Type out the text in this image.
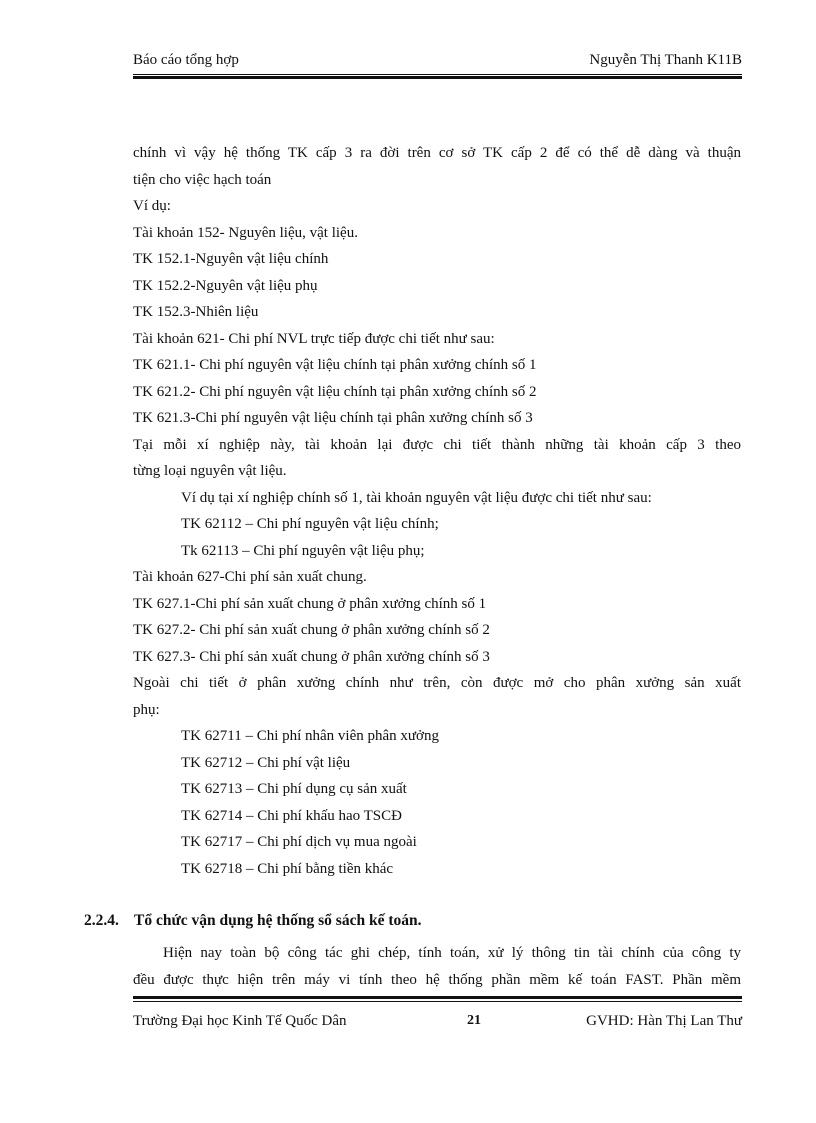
Báo cáo tổng hợp	Nguyễn Thị Thanh K11B
chính vì vậy hệ thống TK cấp 3 ra đời trên cơ sở TK cấp 2 để có thể dễ dàng và thuận
tiện cho việc hạch toán
Ví dụ:
Tài khoản 152- Nguyên liệu, vật liệu.
TK 152.1-Nguyên vật liệu chính
TK 152.2-Nguyên vật liệu phụ
TK 152.3-Nhiên liệu
Tài khoản 621- Chi phí NVL trực tiếp được chi tiết như sau:
TK 621.1- Chi phí nguyên vật liệu chính tại phân xưởng chính số 1
TK 621.2- Chi phí nguyên vật liệu chính tại phân xưởng chính số 2
TK 621.3-Chi phí nguyên vật liệu chính tại phân xưởng chính số 3
Tại mỗi xí nghiệp này, tài khoản lại được chi tiết thành những tài khoản cấp 3 theo
từng loại nguyên vật liệu.
Ví dụ tại xí nghiệp chính số 1, tài khoản nguyên vật liệu được chi tiết như sau:
TK 62112 – Chi phí nguyên vật liệu chính;
Tk 62113 – Chi phí nguyên vật liệu phụ;
Tài khoản 627-Chi phí sản xuất chung.
TK 627.1-Chi phí sản xuất chung ở phân xưởng chính số 1
TK 627.2- Chi phí sản xuất chung ở phân xưởng chính số 2
TK 627.3- Chi phí sản xuất chung ở phân xưởng chính số 3
Ngoài chi tiết ở phân xưởng chính như trên, còn được mở cho phân xưởng sản xuất
phụ:
TK 62711 – Chi phí nhân viên phân xưởng
TK 62712 – Chi phí vật liệu
TK 62713 – Chi phí dụng cụ sản xuất
TK 62714 – Chi phí khấu hao TSCĐ
TK 62717 – Chi phí dịch vụ mua ngoài
TK 62718 – Chi phí bằng tiền khác
2.2.4. Tổ chức vận dụng hệ thống sổ sách kế toán.
Hiện nay toàn bộ công tác ghi chép, tính toán, xử lý thông tin tài chính của công ty
đều được thực hiện trên máy vi tính theo hệ thống phần mềm kế toán FAST. Phần mềm
Trường Đại học Kinh Tế Quốc Dân	21	GVHD: Hàn Thị Lan Thư
